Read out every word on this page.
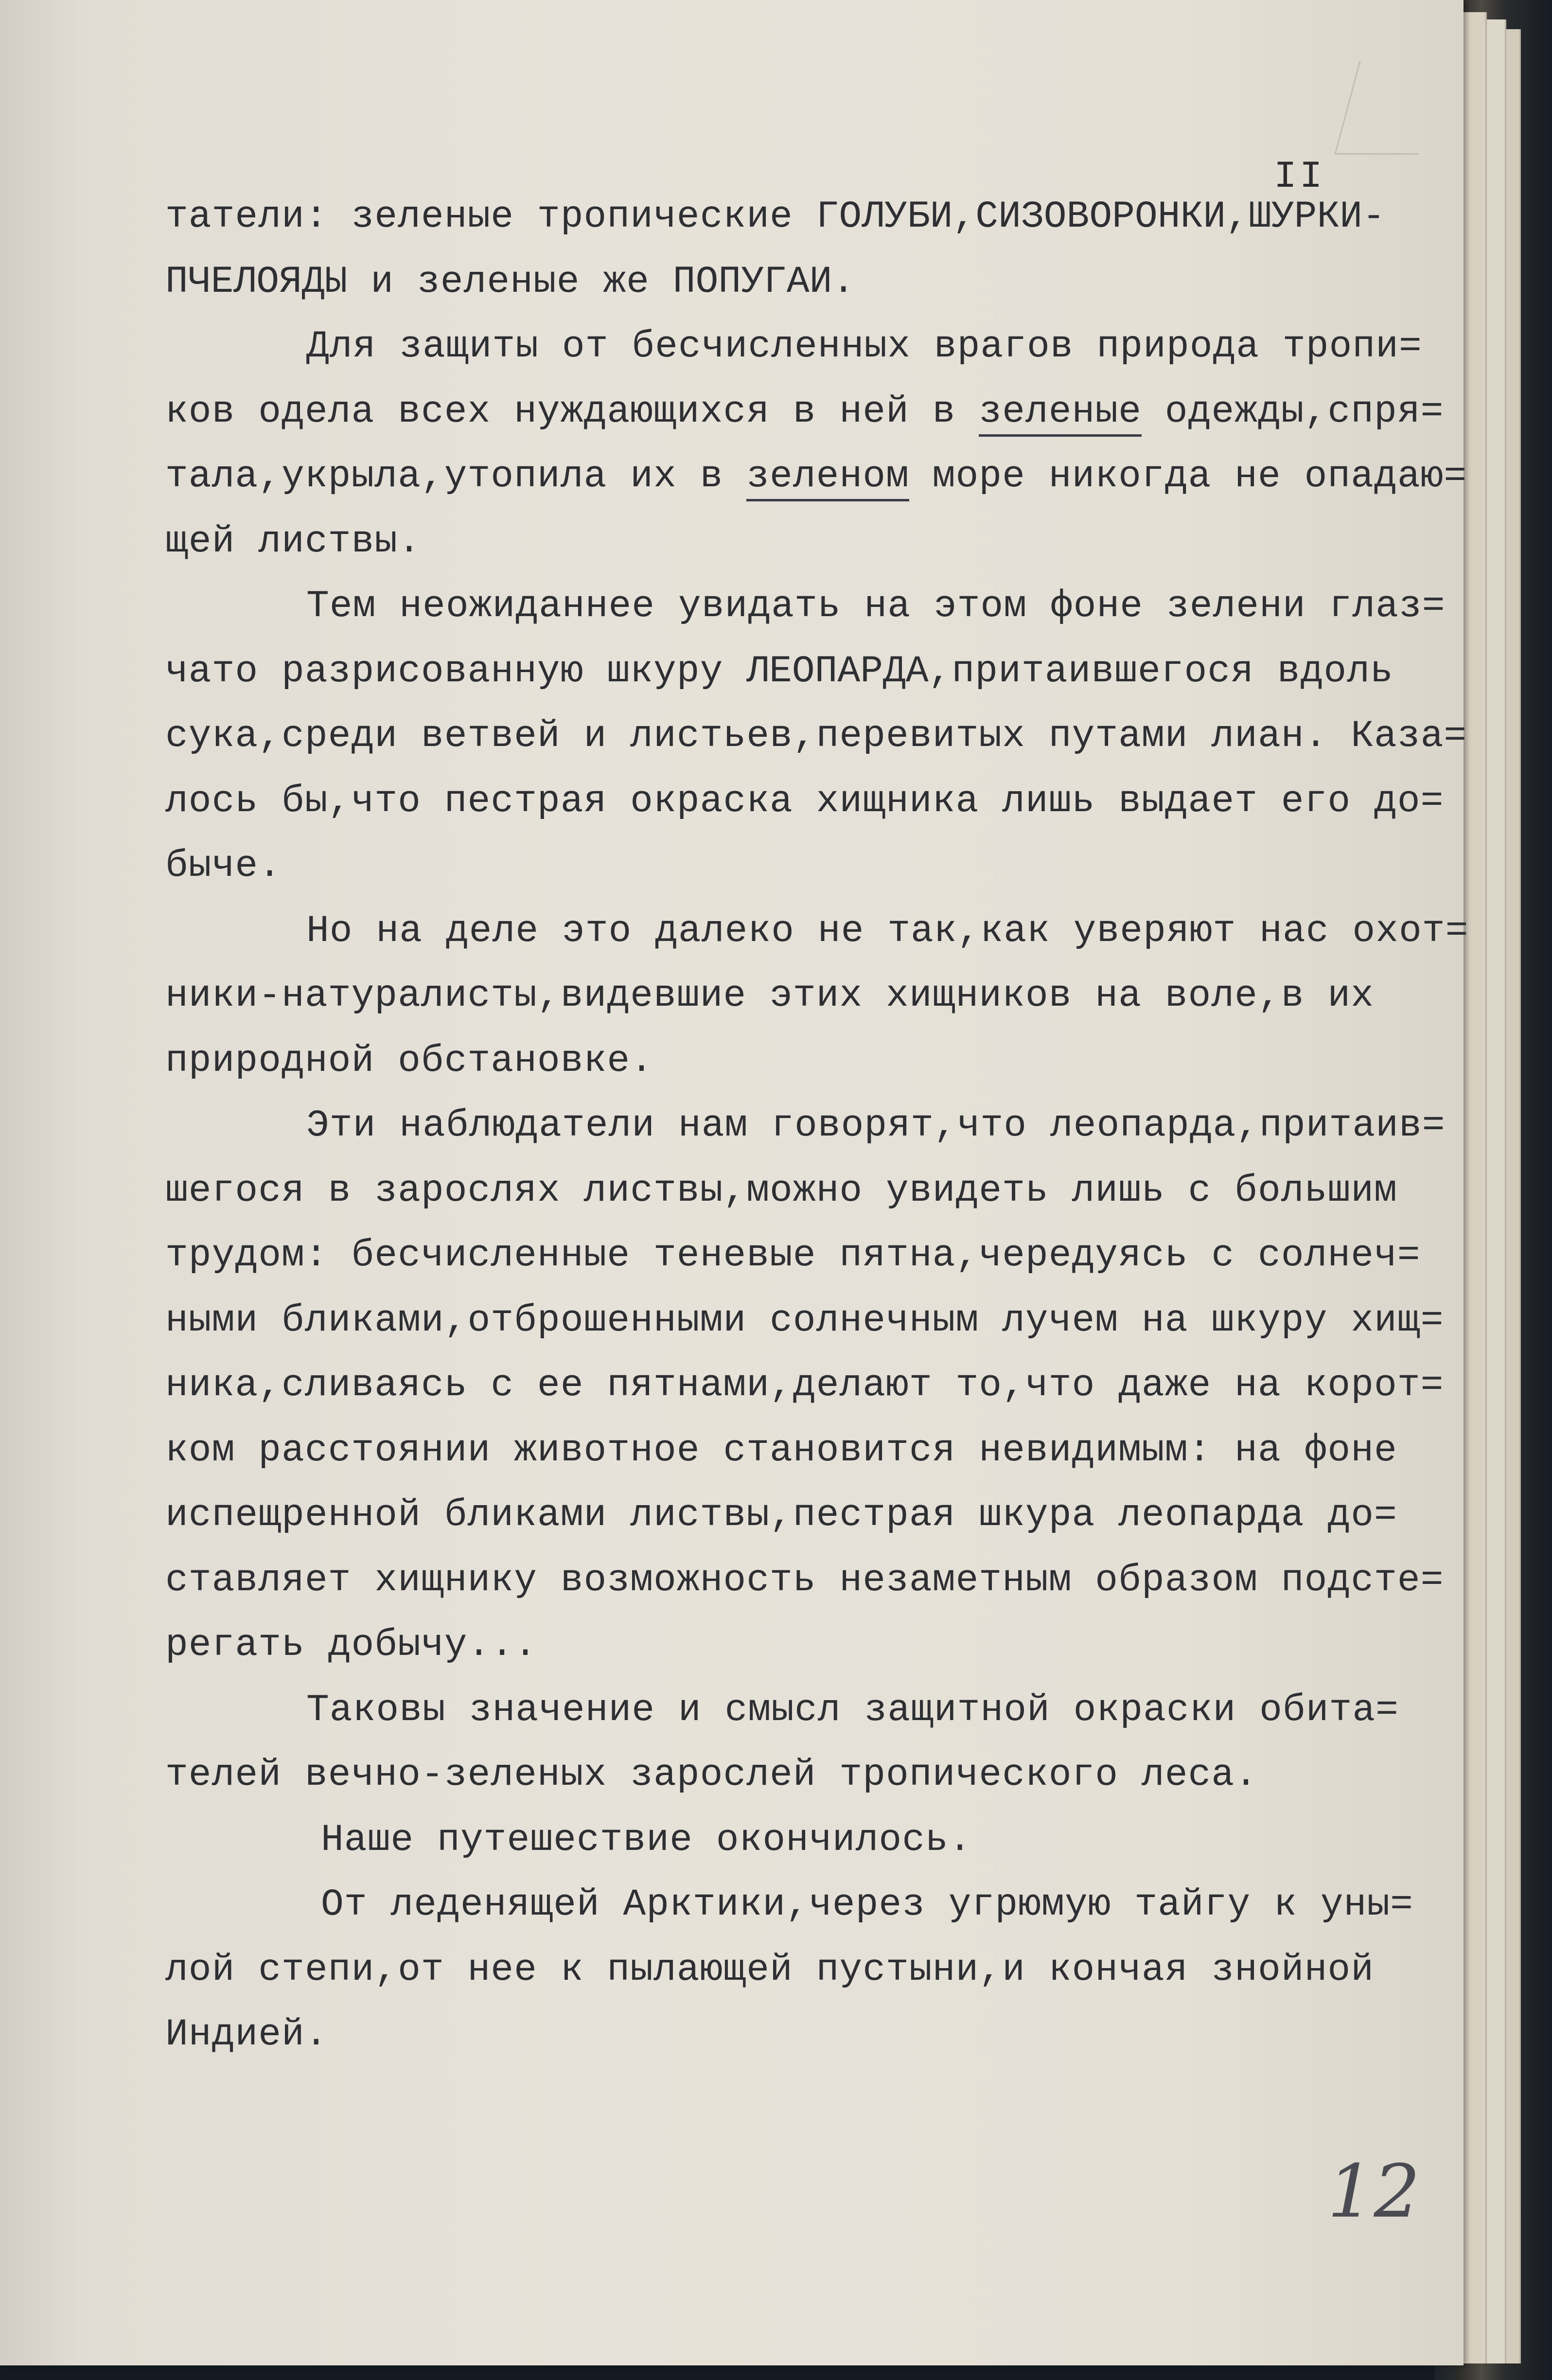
II

татели: зеленые тропические ГОЛУБИ,СИЗОВОРОНКИ,ШУРКИ-
ПЧЕЛОЯДЫ и зеленые же ПОПУГАИ.
Для защиты от бесчисленных врагов природа тропи=
ков одела всех нуждающихся в ней в зеленые одежды,спря=
тала,укрыла,утопила их в зеленом море никогда не опадаю=
щей листвы.
Тем неожиданнее увидать на этом фоне зелени глаз=
чато разрисованную шкуру ЛЕОПАРДА,притаившегося вдоль
сука,среди ветвей и листьев,перевитых путами лиан. Каза=
лось бы,что пестрая окраска хищника лишь выдает его до=
быче.
Но на деле это далеко не так,как уверяют нас охот=
ники-натуралисты,видевшие этих хищников на воле,в их
природной обстановке.
Эти наблюдатели нам говорят,что леопарда,притаив=
шегося в зарослях листвы,можно увидеть лишь с большим
трудом: бесчисленные теневые пятна,чередуясь с солнеч=
ными бликами,отброшенными солнечным лучем на шкуру хищ=
ника,сливаясь с ее пятнами,делают то,что даже на корот=
ком расстоянии животное становится невидимым: на фоне
испещренной бликами листвы,пестрая шкура леопарда до=
ставляет хищнику возможность незаметным образом подсте=
регать добычу...
Таковы значение и смысл защитной окраски обита=
телей вечно-зеленых зарослей тропического леса.
Наше путешествие окончилось.
От леденящей Арктики,через угрюмую тайгу к уны=
лой степи,от нее к пылающей пустыни,и кончая знойной
Индией.

12
